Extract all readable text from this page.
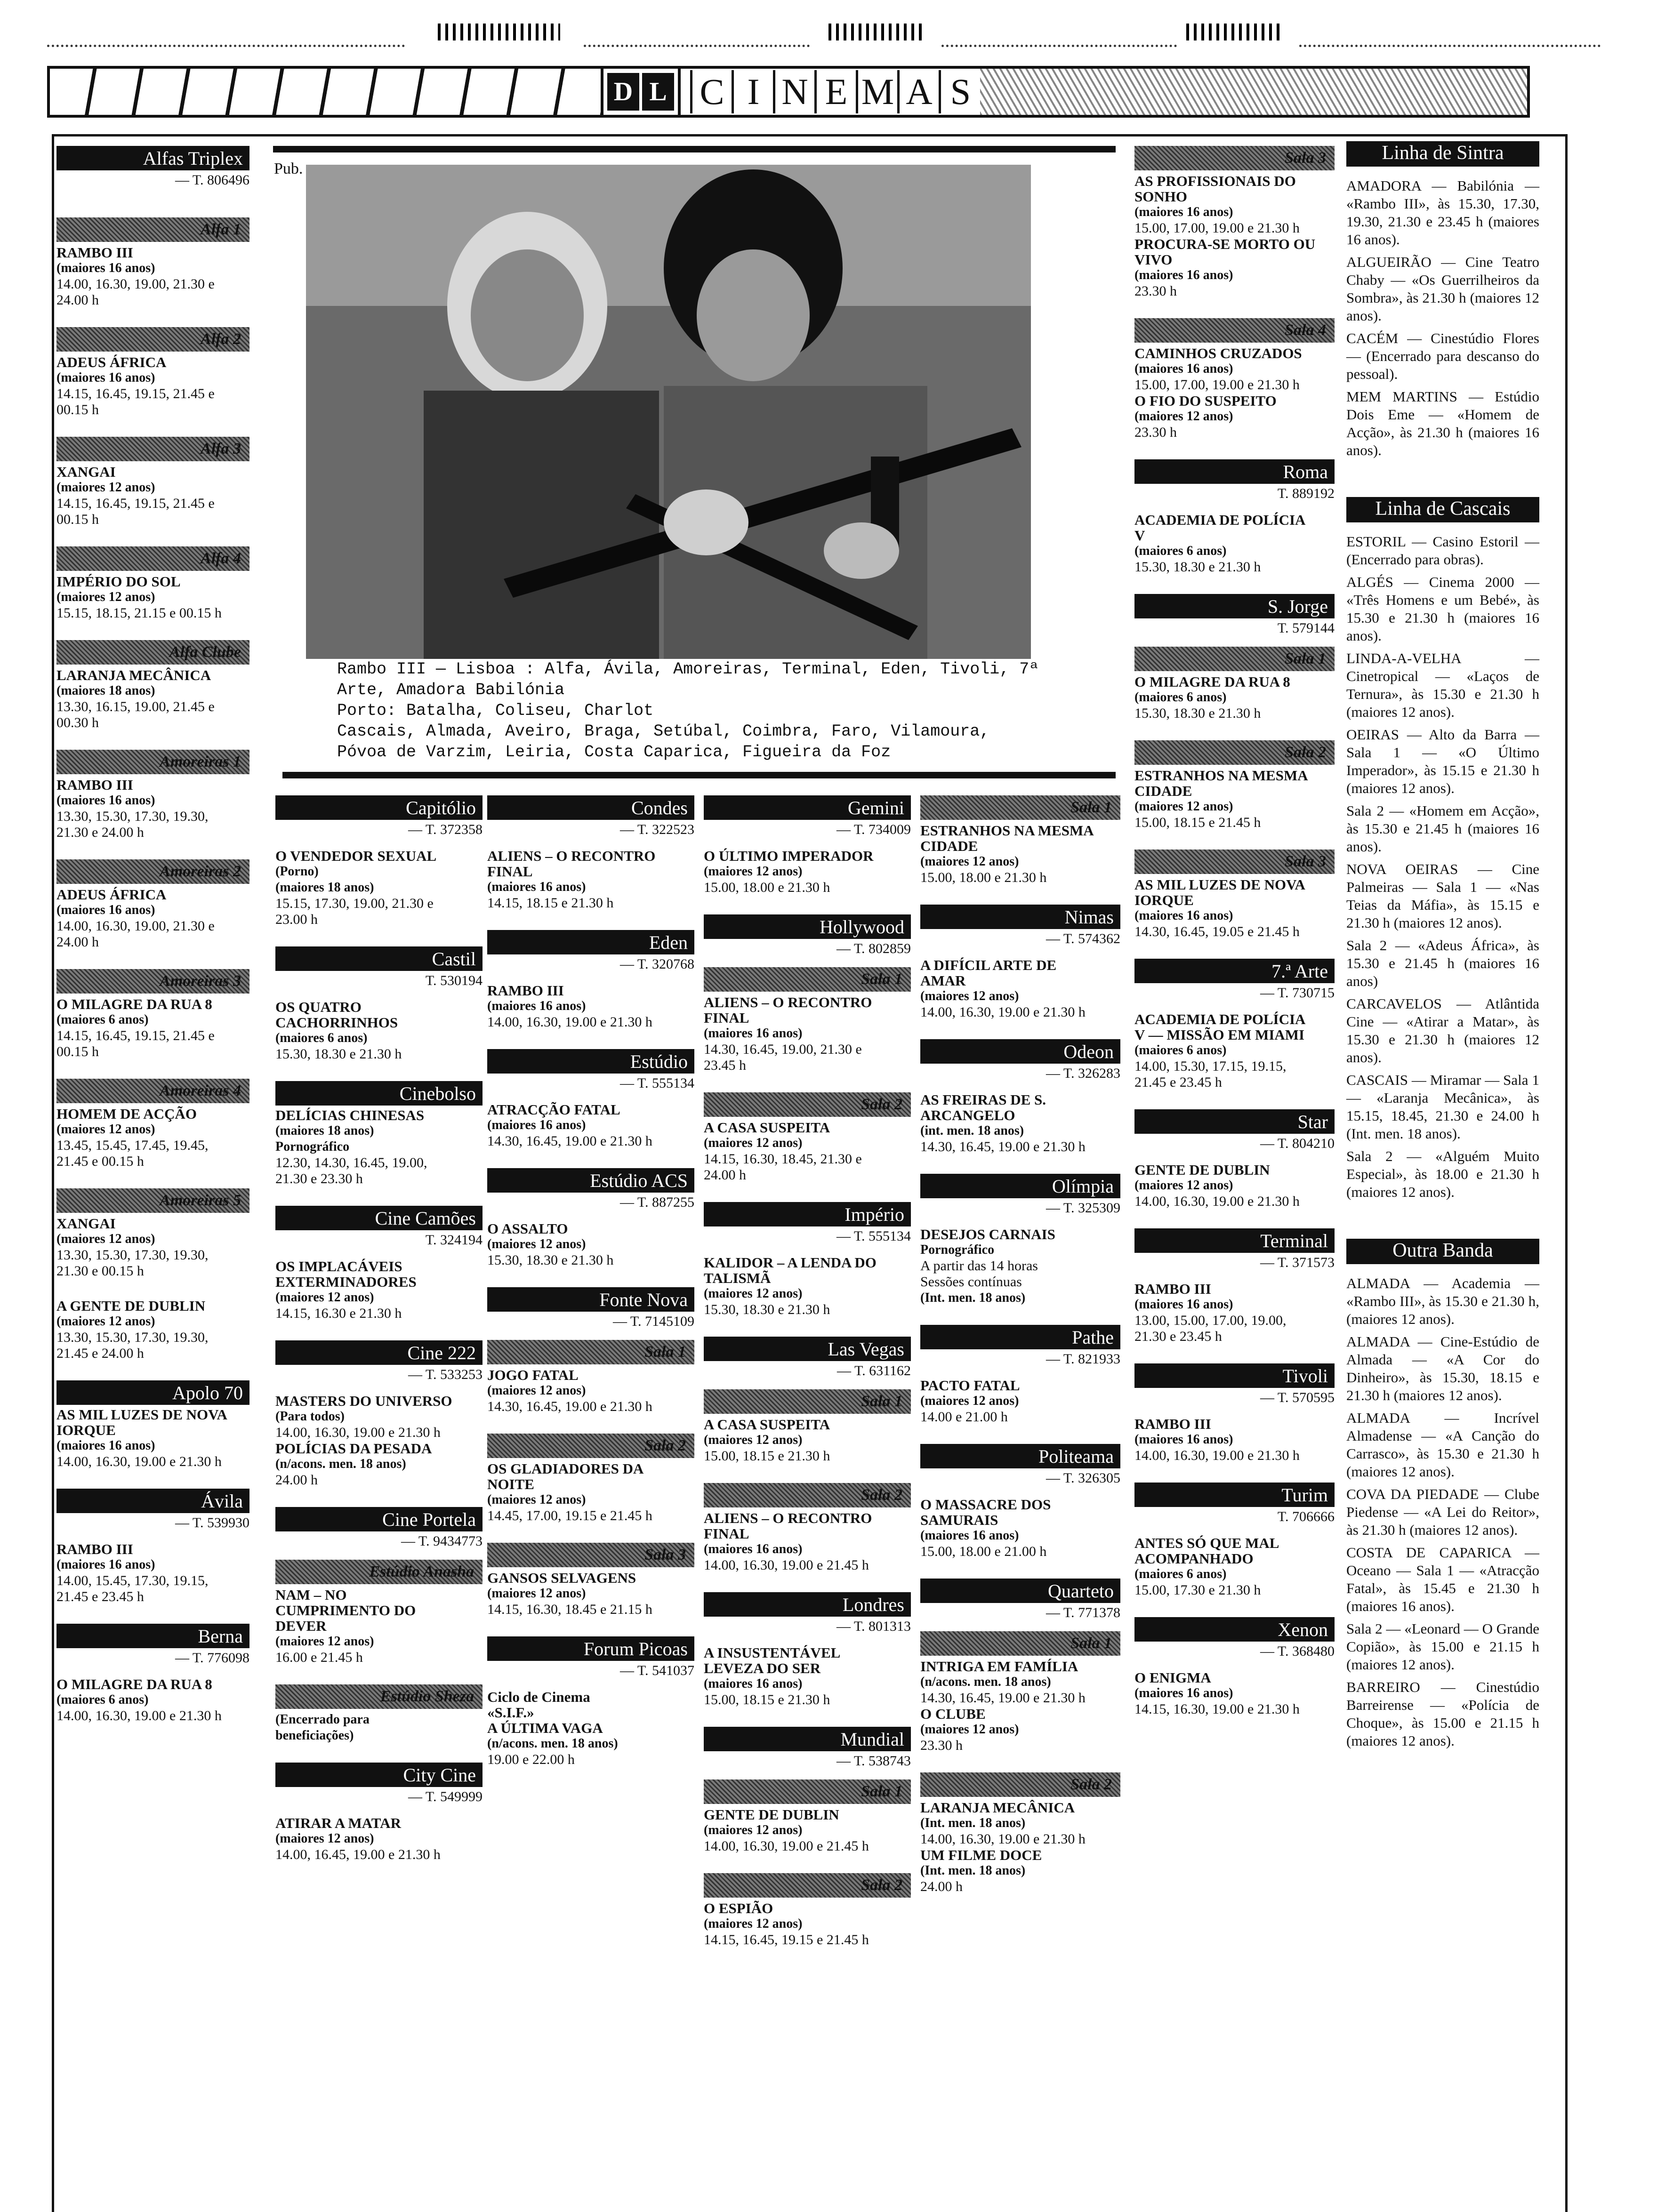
D L C I N E M A S
Pub.
Rambo III — Lisboa : Alfa, Ávila, Amoreiras, Terminal, Eden, Tivoli, 7ª
Arte, Amadora Babilónia
Porto: Batalha, Coliseu, Charlot
Cascais, Almada, Aveiro, Braga, Setúbal, Coimbra, Faro, Vilamoura,
Póvoa de Varzim, Leiria, Costa Caparica, Figueira da Foz
Alfas Triplex
— T. 806496
Alfa 1
RAMBO III
(maiores 16 anos)
14.00, 16.30, 19.00, 21.30 e
24.00 h
Alfa 2
ADEUS ÁFRICA
(maiores 16 anos)
14.15, 16.45, 19.15, 21.45 e
00.15 h
Alfa 3
XANGAI
(maiores 12 anos)
14.15, 16.45, 19.15, 21.45 e
00.15 h
Alfa 4
IMPÉRIO DO SOL
(maiores 12 anos)
15.15, 18.15, 21.15 e 00.15 h
Alfa Clube
LARANJA MECÂNICA
(maiores 18 anos)
13.30, 16.15, 19.00, 21.45 e
00.30 h
Amoreiras 1
RAMBO III
(maiores 16 anos)
13.30, 15.30, 17.30, 19.30,
21.30 e 24.00 h
Amoreiras 2
ADEUS ÁFRICA
(maiores 16 anos)
14.00, 16.30, 19.00, 21.30 e
24.00 h
Amoreiras 3
O MILAGRE DA RUA 8
(maiores 6 anos)
14.15, 16.45, 19.15, 21.45 e
00.15 h
Amoreiras 4
HOMEM DE ACÇÃO
(maiores 12 anos)
13.45, 15.45, 17.45, 19.45,
21.45 e 00.15 h
Amoreiras 5
XANGAI
(maiores 12 anos)
13.30, 15.30, 17.30, 19.30,
21.30 e 00.15 h
A GENTE DE DUBLIN
(maiores 12 anos)
13.30, 15.30, 17.30, 19.30,
21.45 e 24.00 h
Apolo 70
AS MIL LUZES DE NOVA
IORQUE
(maiores 16 anos)
14.00, 16.30, 19.00 e 21.30 h
Ávila
— T. 539930
RAMBO III
(maiores 16 anos)
14.00, 15.45, 17.30, 19.15,
21.45 e 23.45 h
Berna
— T. 776098
O MILAGRE DA RUA 8
(maiores 6 anos)
14.00, 16.30, 19.00 e 21.30 h
Capitólio
— T. 372358
O VENDEDOR SEXUAL
(Porno)
(maiores 18 anos)
15.15, 17.30, 19.00, 21.30 e
23.00 h
Castil
T. 530194
OS QUATRO
CACHORRINHOS
(maiores 6 anos)
15.30, 18.30 e 21.30 h
Cinebolso
DELÍCIAS CHINESAS
(maiores 18 anos)
Pornográfico
12.30, 14.30, 16.45, 19.00,
21.30 e 23.30 h
Cine Camões
T. 324194
OS IMPLACÁVEIS
EXTERMINADORES
(maiores 12 anos)
14.15, 16.30 e 21.30 h
Cine 222
— T. 533253
MASTERS DO UNIVERSO
(Para todos)
14.00, 16.30, 19.00 e 21.30 h
POLÍCIAS DA PESADA
(n/acons. men. 18 anos)
24.00 h
Cine Portela
— T. 9434773
Estúdio Anasha
NAM – NO
CUMPRIMENTO DO
DEVER
(maiores 12 anos)
16.00 e 21.45 h
Estúdio Sheza
(Encerrado para
beneficiações)
City Cine
— T. 549999
ATIRAR A MATAR
(maiores 12 anos)
14.00, 16.45, 19.00 e 21.30 h
Condes
— T. 322523
ALIENS – O RECONTRO
FINAL
(maiores 16 anos)
14.15, 18.15 e 21.30 h
Eden
— T. 320768
RAMBO III
(maiores 16 anos)
14.00, 16.30, 19.00 e 21.30 h
Estúdio
— T. 555134
ATRACÇÃO FATAL
(maiores 16 anos)
14.30, 16.45, 19.00 e 21.30 h
Estúdio ACS
— T. 887255
O ASSALTO
(maiores 12 anos)
15.30, 18.30 e 21.30 h
Fonte Nova
— T. 7145109
Sala 1
JOGO FATAL
(maiores 12 anos)
14.30, 16.45, 19.00 e 21.30 h
Sala 2
OS GLADIADORES DA
NOITE
(maiores 12 anos)
14.45, 17.00, 19.15 e 21.45 h
Sala 3
GANSOS SELVAGENS
(maiores 12 anos)
14.15, 16.30, 18.45 e 21.15 h
Forum Picoas
— T. 541037
Ciclo de Cinema
«S.I.F.»
A ÚLTIMA VAGA
(n/acons. men. 18 anos)
19.00 e 22.00 h
Gemini
— T. 734009
O ÚLTIMO IMPERADOR
(maiores 12 anos)
15.00, 18.00 e 21.30 h
Hollywood
— T. 802859
Sala 1
ALIENS – O RECONTRO
FINAL
(maiores 16 anos)
14.30, 16.45, 19.00, 21.30 e
23.45 h
Sala 2
A CASA SUSPEITA
(maiores 12 anos)
14.15, 16.30, 18.45, 21.30 e
24.00 h
Império
— T. 555134
KALIDOR – A LENDA DO
TALISMÃ
(maiores 12 anos)
15.30, 18.30 e 21.30 h
Las Vegas
— T. 631162
Sala 1
A CASA SUSPEITA
(maiores 12 anos)
15.00, 18.15 e 21.30 h
Sala 2
ALIENS – O RECONTRO
FINAL
(maiores 16 anos)
14.00, 16.30, 19.00 e 21.45 h
Londres
— T. 801313
A INSUSTENTÁVEL
LEVEZA DO SER
(maiores 16 anos)
15.00, 18.15 e 21.30 h
Mundial
— T. 538743
Sala 1
GENTE DE DUBLIN
(maiores 12 anos)
14.00, 16.30, 19.00 e 21.45 h
Sala 2
O ESPIÃO
(maiores 12 anos)
14.15, 16.45, 19.15 e 21.45 h
Sala 1
ESTRANHOS NA MESMA
CIDADE
(maiores 12 anos)
15.00, 18.00 e 21.30 h
Nimas
— T. 574362
A DIFÍCIL ARTE DE
AMAR
(maiores 12 anos)
14.00, 16.30, 19.00 e 21.30 h
Odeon
— T. 326283
AS FREIRAS DE S.
ARCANGELO
(int. men. 18 anos)
14.30, 16.45, 19.00 e 21.30 h
Olímpia
— T. 325309
DESEJOS CARNAIS
Pornográfico
A partir das 14 horas
Sessões contínuas
(Int. men. 18 anos)
Pathe
— T. 821933
PACTO FATAL
(maiores 12 anos)
14.00 e 21.00 h
Politeama
— T. 326305
O MASSACRE DOS
SAMURAIS
(maiores 16 anos)
15.00, 18.00 e 21.00 h
Quarteto
— T. 771378
Sala 1
INTRIGA EM FAMÍLIA
(n/acons. men. 18 anos)
14.30, 16.45, 19.00 e 21.30 h
O CLUBE
(maiores 12 anos)
23.30 h
Sala 2
LARANJA MECÂNICA
(Int. men. 18 anos)
14.00, 16.30, 19.00 e 21.30 h
UM FILME DOCE
(Int. men. 18 anos)
24.00 h
Sala 3
AS PROFISSIONAIS DO
SONHO
(maiores 16 anos)
15.00, 17.00, 19.00 e 21.30 h
PROCURA-SE MORTO OU
VIVO
(maiores 16 anos)
23.30 h
Sala 4
CAMINHOS CRUZADOS
(maiores 16 anos)
15.00, 17.00, 19.00 e 21.30 h
O FIO DO SUSPEITO
(maiores 12 anos)
23.30 h
Roma
T. 889192
ACADEMIA DE POLÍCIA
V
(maiores 6 anos)
15.30, 18.30 e 21.30 h
S. Jorge
T. 579144
Sala 1
O MILAGRE DA RUA 8
(maiores 6 anos)
15.30, 18.30 e 21.30 h
Sala 2
ESTRANHOS NA MESMA
CIDADE
(maiores 12 anos)
15.00, 18.15 e 21.45 h
Sala 3
AS MIL LUZES DE NOVA
IORQUE
(maiores 16 anos)
14.30, 16.45, 19.05 e 21.45 h
7.ª Arte
— T. 730715
ACADEMIA DE POLÍCIA
V — MISSÃO EM MIAMI
(maiores 6 anos)
14.00, 15.30, 17.15, 19.15,
21.45 e 23.45 h
Star
— T. 804210
GENTE DE DUBLIN
(maiores 12 anos)
14.00, 16.30, 19.00 e 21.30 h
Terminal
— T. 371573
RAMBO III
(maiores 16 anos)
13.00, 15.00, 17.00, 19.00,
21.30 e 23.45 h
Tivoli
— T. 570595
RAMBO III
(maiores 16 anos)
14.00, 16.30, 19.00 e 21.30 h
Turim
T. 706666
ANTES SÓ QUE MAL
ACOMPANHADO
(maiores 6 anos)
15.00, 17.30 e 21.30 h
Xenon
— T. 368480
O ENIGMA
(maiores 16 anos)
14.15, 16.30, 19.00 e 21.30 h
Linha de Sintra
AMADORA — Babilónia — «Rambo III», às 15.30, 17.30, 19.30, 21.30 e 23.45 h (maiores 16 anos).
ALGUEIRÃO — Cine Teatro Chaby — «Os Guerrilheiros da Sombra», às 21.30 h (maiores 12 anos).
CACÉM — Cinestúdio Flores — (Encerrado para descanso do pessoal).
MEM MARTINS — Estúdio Dois Eme — «Homem de Acção», às 21.30 h (maiores 16 anos).
Linha de Cascais
ESTORIL — Casino Estoril — (Encerrado para obras).
ALGÉS — Cinema 2000 — «Três Homens e um Bebé», às 15.30 e 21.30 h (maiores 16 anos).
LINDA-A-VELHA — Cinetropical — «Laços de Ternura», às 15.30 e 21.30 h (maiores 12 anos).
OEIRAS — Alto da Barra — Sala 1 — «O Último Imperador», às 15.15 e 21.30 h (maiores 12 anos).
Sala 2 — «Homem em Acção», às 15.30 e 21.45 h (maiores 16 anos).
NOVA OEIRAS — Cine Palmeiras — Sala 1 — «Nas Teias da Máfia», às 15.15 e 21.30 h (maiores 12 anos).
Sala 2 — «Adeus África», às 15.30 e 21.45 h (maiores 16 anos)
CARCAVELOS — Atlântida Cine — «Atirar a Matar», às 15.30 e 21.30 h (maiores 12 anos).
CASCAIS — Miramar — Sala 1 — «Laranja Mecânica», às 15.15, 18.45, 21.30 e 24.00 h (Int. men. 18 anos).
Sala 2 — «Alguém Muito Especial», às 18.00 e 21.30 h (maiores 12 anos).
Outra Banda
ALMADA — Academia — «Rambo III», às 15.30 e 21.30 h, (maiores 12 anos).
ALMADA — Cine-Estúdio de Almada — «A Cor do Dinheiro», às 15.30, 18.15 e 21.30 h (maiores 12 anos).
ALMADA — Incrível Almadense — «A Canção do Carrasco», às 15.30 e 21.30 h (maiores 12 anos).
COVA DA PIEDADE — Clube Piedense — «A Lei do Reitor», às 21.30 h (maiores 12 anos).
COSTA DE CAPARICA — Oceano — Sala 1 — «Atracção Fatal», às 15.45 e 21.30 h (maiores 16 anos).
Sala 2 — «Leonard — O Grande Copião», às 15.00 e 21.15 h (maiores 12 anos).
BARREIRO — Cinestúdio Barreirense — «Polícia de Choque», às 15.00 e 21.15 h (maiores 12 anos).
